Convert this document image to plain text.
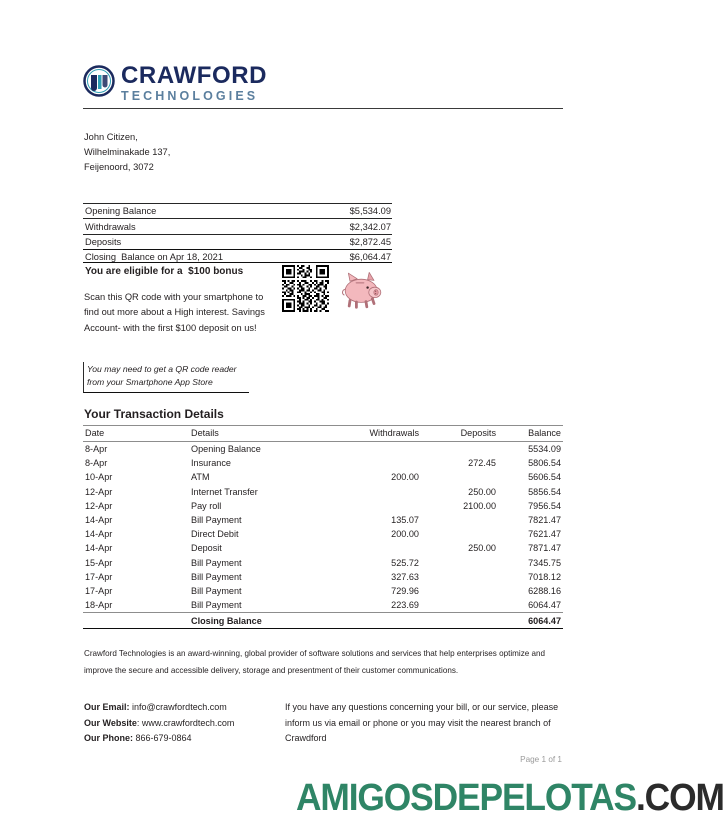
CRAWFORD
TECHNOLOGIES
John Citizen,
Wilhelminakade 137,
Feijenoord, 3072
Opening Balance	$5,534.09
Withdrawals	$2,342.07
Deposits	$2,872.45
Closing  Balance on Apr 18, 2021	$6,064.47
You are eligible for a  $100 bonus
Scan this QR code with your smartphone to find out more about a High interest. Savings Account- with the first $100 deposit on us!
You may need to get a QR code reader
from your Smartphone App Store
Your Transaction Details
Date	Details	Withdrawals	Deposits	Balance
8-Apr	Opening Balance			5534.09
8-Apr	Insurance		272.45	5806.54
10-Apr	ATM	200.00		5606.54
12-Apr	Internet Transfer		250.00	5856.54
12-Apr	Pay roll		2100.00	7956.54
14-Apr	Bill Payment	135.07		7821.47
14-Apr	Direct Debit	200.00		7621.47
14-Apr	Deposit		250.00	7871.47
15-Apr	Bill Payment	525.72		7345.75
17-Apr	Bill Payment	327.63		7018.12
17-Apr	Bill Payment	729.96		6288.16
18-Apr	Bill Payment	223.69		6064.47
	Closing Balance			6064.47
Crawford Technologies is an award-winning, global provider of software solutions and services that help enterprises optimize and improve the secure and accessible delivery, storage and presentment of their customer communications.
Our Email: info@crawfordtech.com
Our Website: www.crawfordtech.com
Our Phone: 866-679-0864
If you have any questions concerning your bill, or our service, please inform us via email or phone or you may visit the nearest branch of Crawdford
Page 1 of 1
AMIGOSDEPELOTAS.COM
